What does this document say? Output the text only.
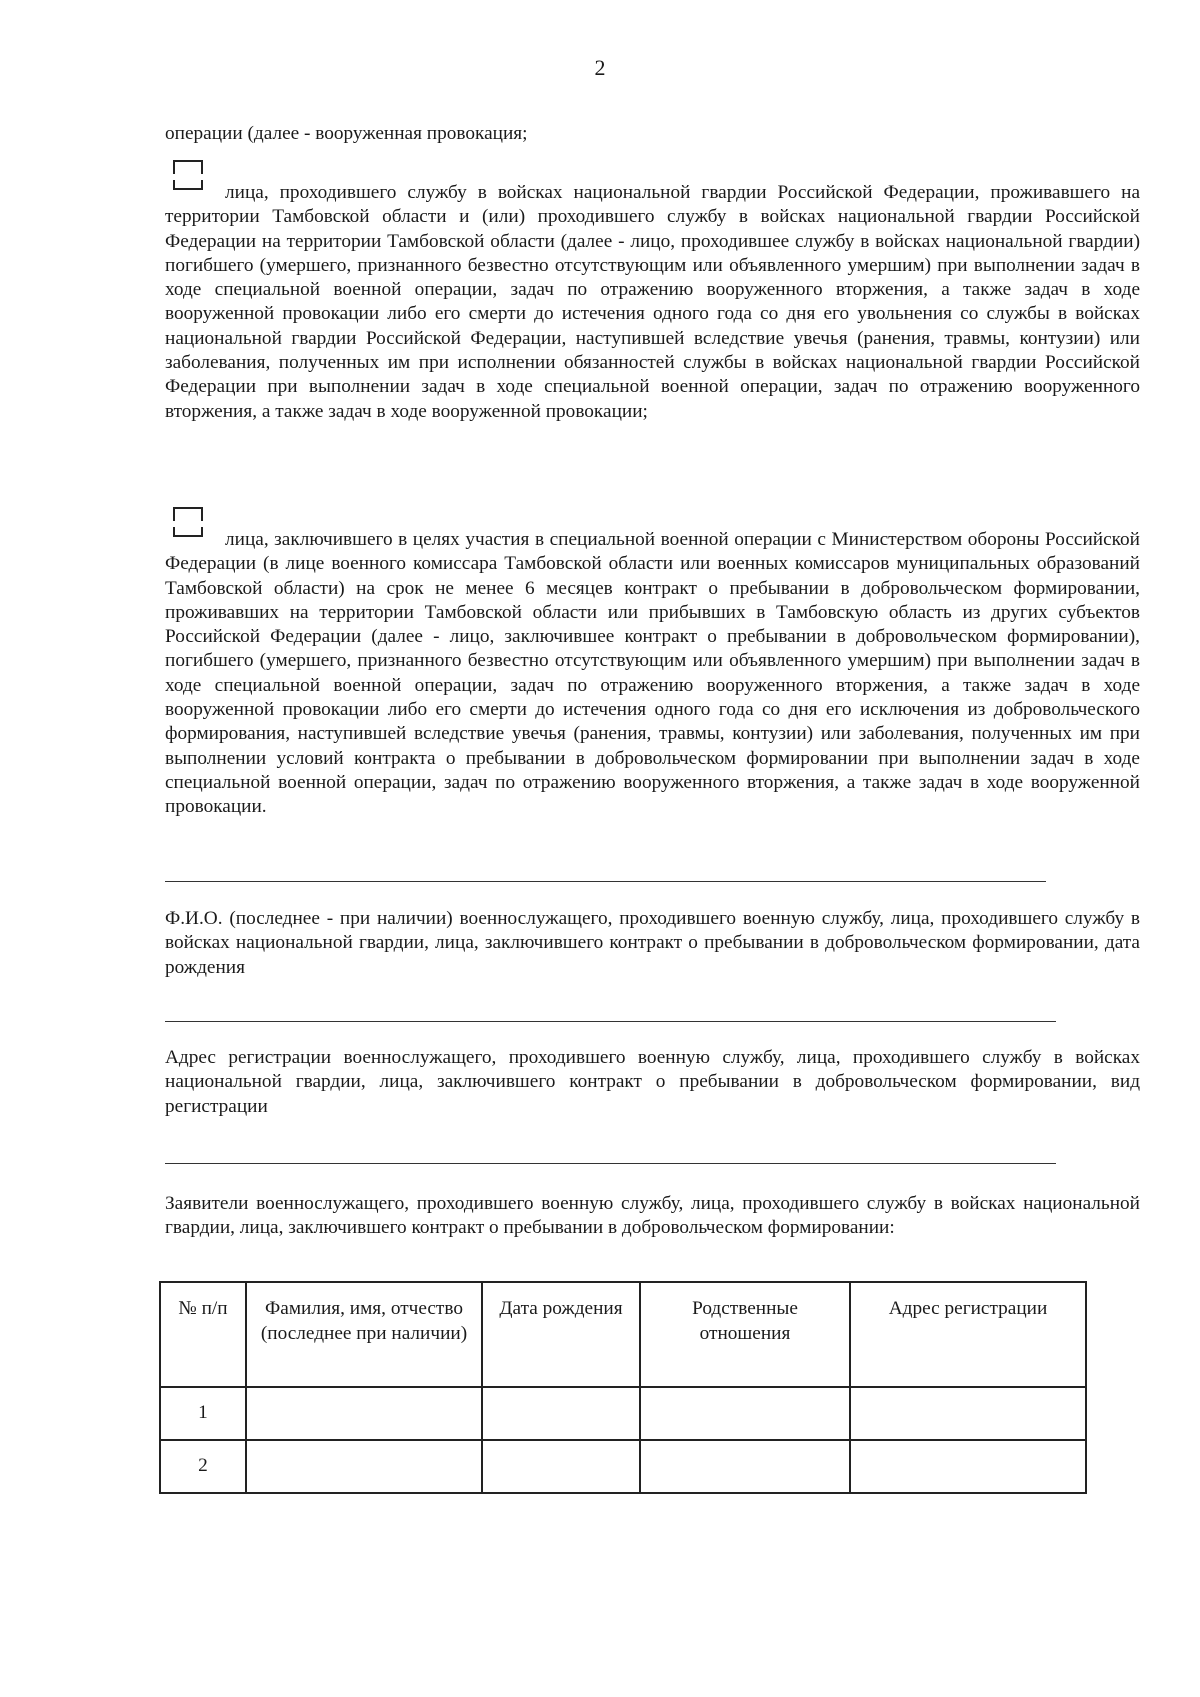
2

операции (далее - вооруженная провокация;

лица, проходившего службу в войсках национальной гвардии Российской Федерации, проживавшего на территории Тамбовской области и (или) проходившего службу в войсках национальной гвардии Российской Федерации на территории Тамбовской области (далее - лицо, проходившее службу в войсках национальной гвардии) погибшего (умершего, признанного безвестно отсутствующим или объявленного умершим) при выполнении задач в ходе специальной военной операции, задач по отражению вооруженного вторжения, а также задач в ходе вооруженной провокации либо его смерти до истечения одного года со дня его увольнения со службы в войсках национальной гвардии Российской Федерации, наступившей вследствие увечья (ранения, травмы, контузии) или заболевания, полученных им при исполнении обязанностей службы в войсках национальной гвардии Российской Федерации при выполнении задач в ходе специальной военной операции, задач по отражению вооруженного вторжения, а также задач в ходе вооруженной провокации;

лица, заключившего в целях участия в специальной военной операции с Министерством обороны Российской Федерации (в лице военного комиссара Тамбовской области или военных комиссаров муниципальных образований Тамбовской области) на срок не менее 6 месяцев контракт о пребывании в добровольческом формировании, проживавших на территории Тамбовской области или прибывших в Тамбовскую область из других субъектов Российской Федерации (далее - лицо, заключившее контракт о пребывании в добровольческом формировании), погибшего (умершего, признанного безвестно отсутствующим или объявленного умершим) при выполнении задач в ходе специальной военной операции, задач по отражению вооруженного вторжения, а также задач в ходе вооруженной провокации либо его смерти до истечения одного года со дня его исключения из добровольческого формирования, наступившей вследствие увечья (ранения, травмы, контузии) или заболевания, полученных им при выполнении условий контракта о пребывании в добровольческом формировании при выполнении задач в ходе специальной военной операции, задач по отражению вооруженного вторжения, а также задач в ходе вооруженной провокации.

Ф.И.О. (последнее - при наличии) военнослужащего, проходившего военную службу, лица, проходившего службу в войсках национальной гвардии, лица, заключившего контракт о пребывании в добровольческом формировании, дата рождения

Адрес регистрации военнослужащего, проходившего военную службу, лица, проходившего службу в войсках национальной гвардии, лица, заключившего контракт о пребывании в добровольческом формировании, вид регистрации

Заявители военнослужащего, проходившего военную службу, лица, проходившего службу в войсках национальной гвардии, лица, заключившего контракт о пребывании в добровольческом формировании:

№ п/п	Фамилия, имя, отчество (последнее при наличии)	Дата рождения	Родственные отношения	Адрес регистрации
1				
2				
